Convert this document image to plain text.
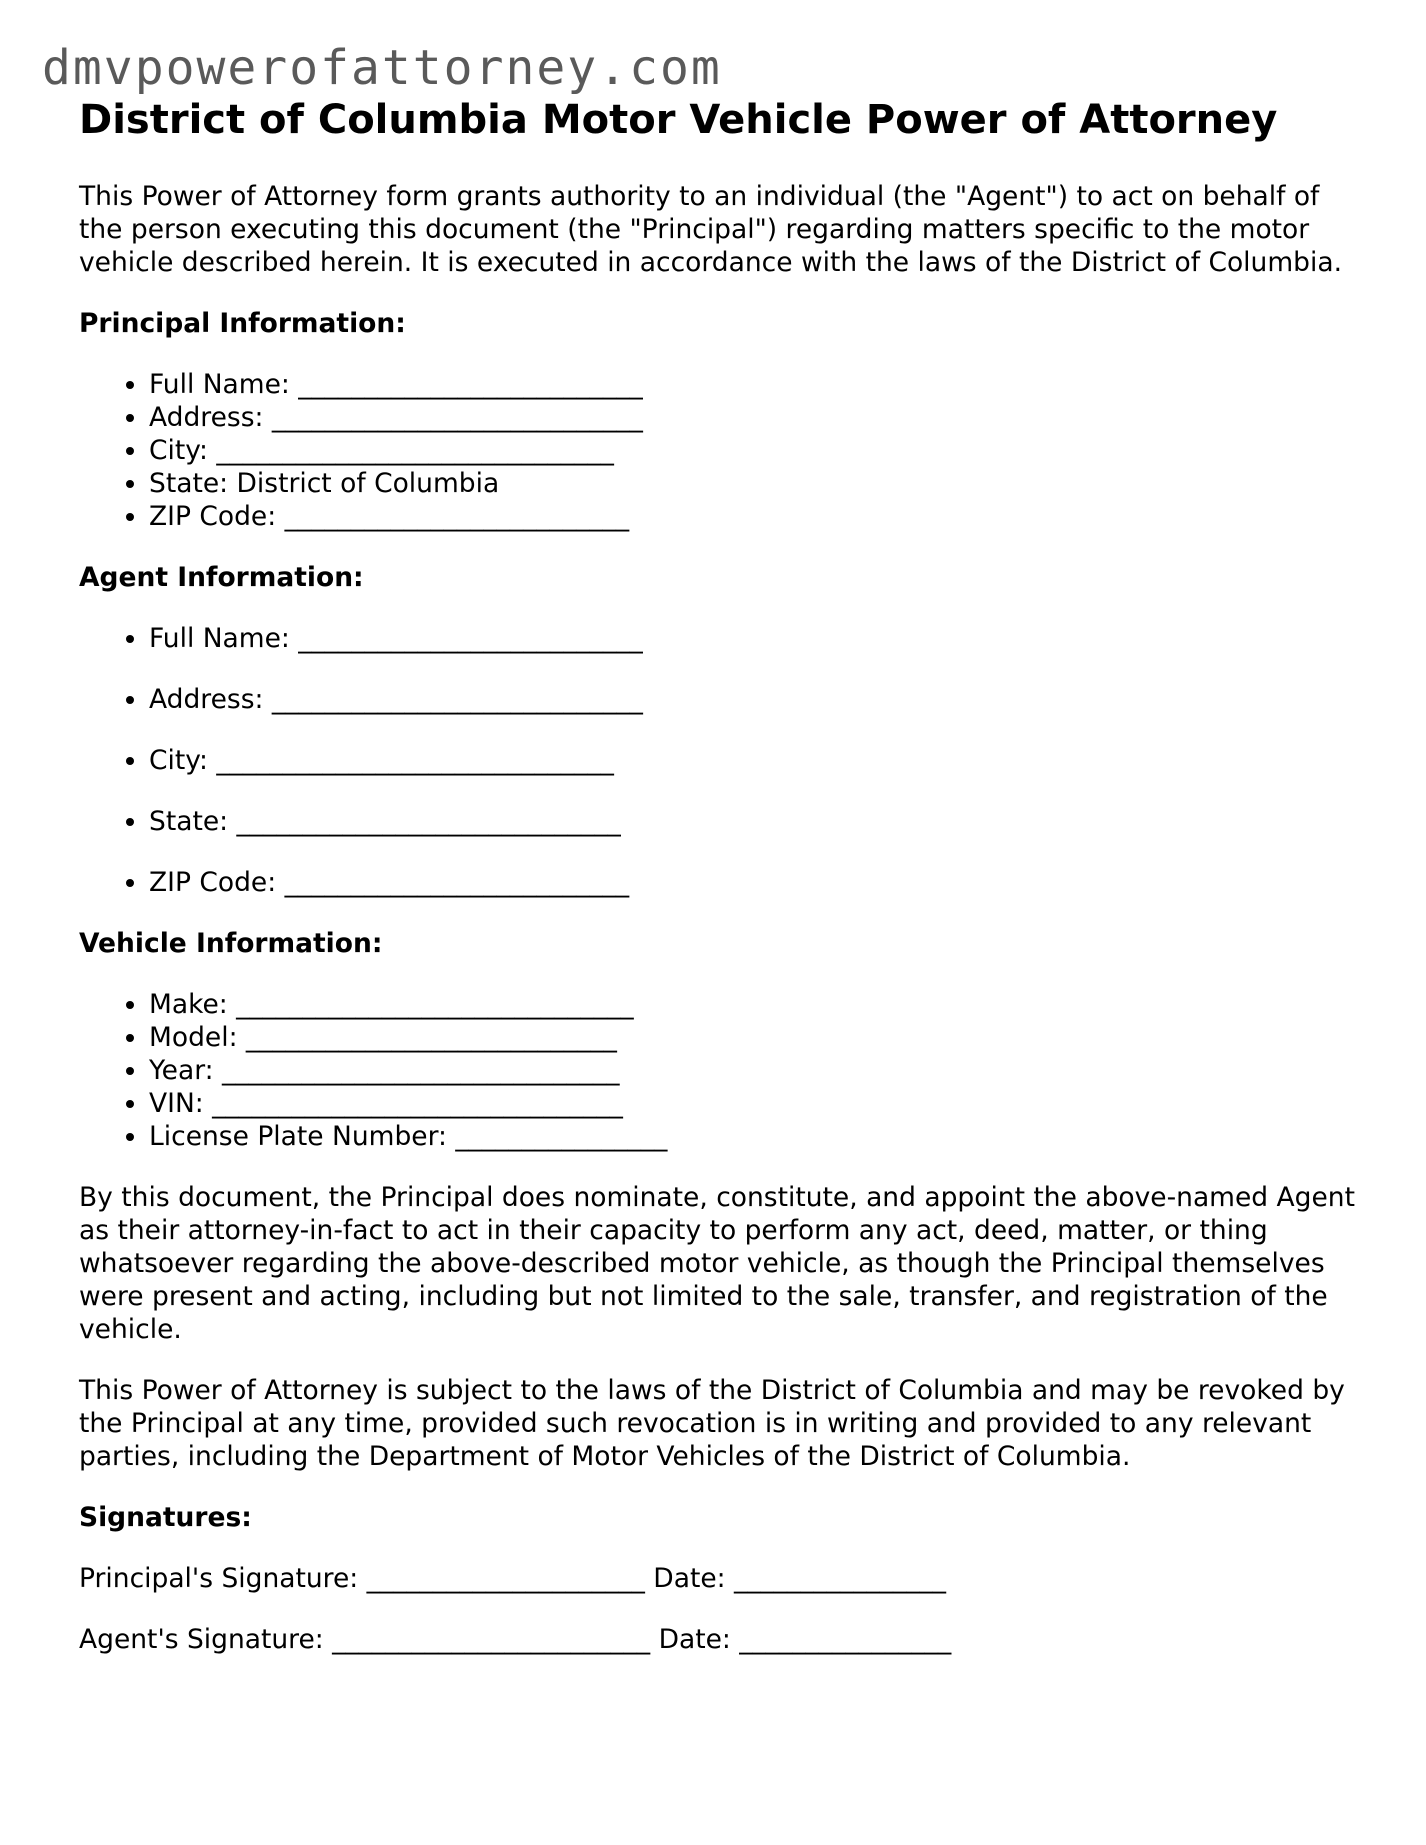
dmvpowerofattorney.com
District of Columbia Motor Vehicle Power of Attorney

This Power of Attorney form grants authority to an individual (the "Agent") to act on behalf of the person executing this document (the "Principal") regarding matters specific to the motor vehicle described herein. It is executed in accordance with the laws of the District of Columbia.

Principal Information:
• Full Name: __________________________
• Address: ____________________________
• City: ______________________________
• State: District of Columbia
• ZIP Code: __________________________
Agent Information:
• Full Name: __________________________
• Address: ____________________________
• City: ______________________________
• State: _____________________________
• ZIP Code: __________________________
Vehicle Information:
• Make: ______________________________
• Model: ____________________________
• Year: ______________________________
• VIN: _______________________________
• License Plate Number: ________________

By this document, the Principal does nominate, constitute, and appoint the above-named Agent as their attorney-in-fact to act in their capacity to perform any act, deed, matter, or thing whatsoever regarding the above-described motor vehicle, as though the Principal themselves were present and acting, including but not limited to the sale, transfer, and registration of the vehicle.

This Power of Attorney is subject to the laws of the District of Columbia and may be revoked by the Principal at any time, provided such revocation is in writing and provided to any relevant parties, including the Department of Motor Vehicles of the District of Columbia.

Signatures:
Principal's Signature: _____________________ Date: ________________
Agent's Signature: ________________________ Date: ________________
